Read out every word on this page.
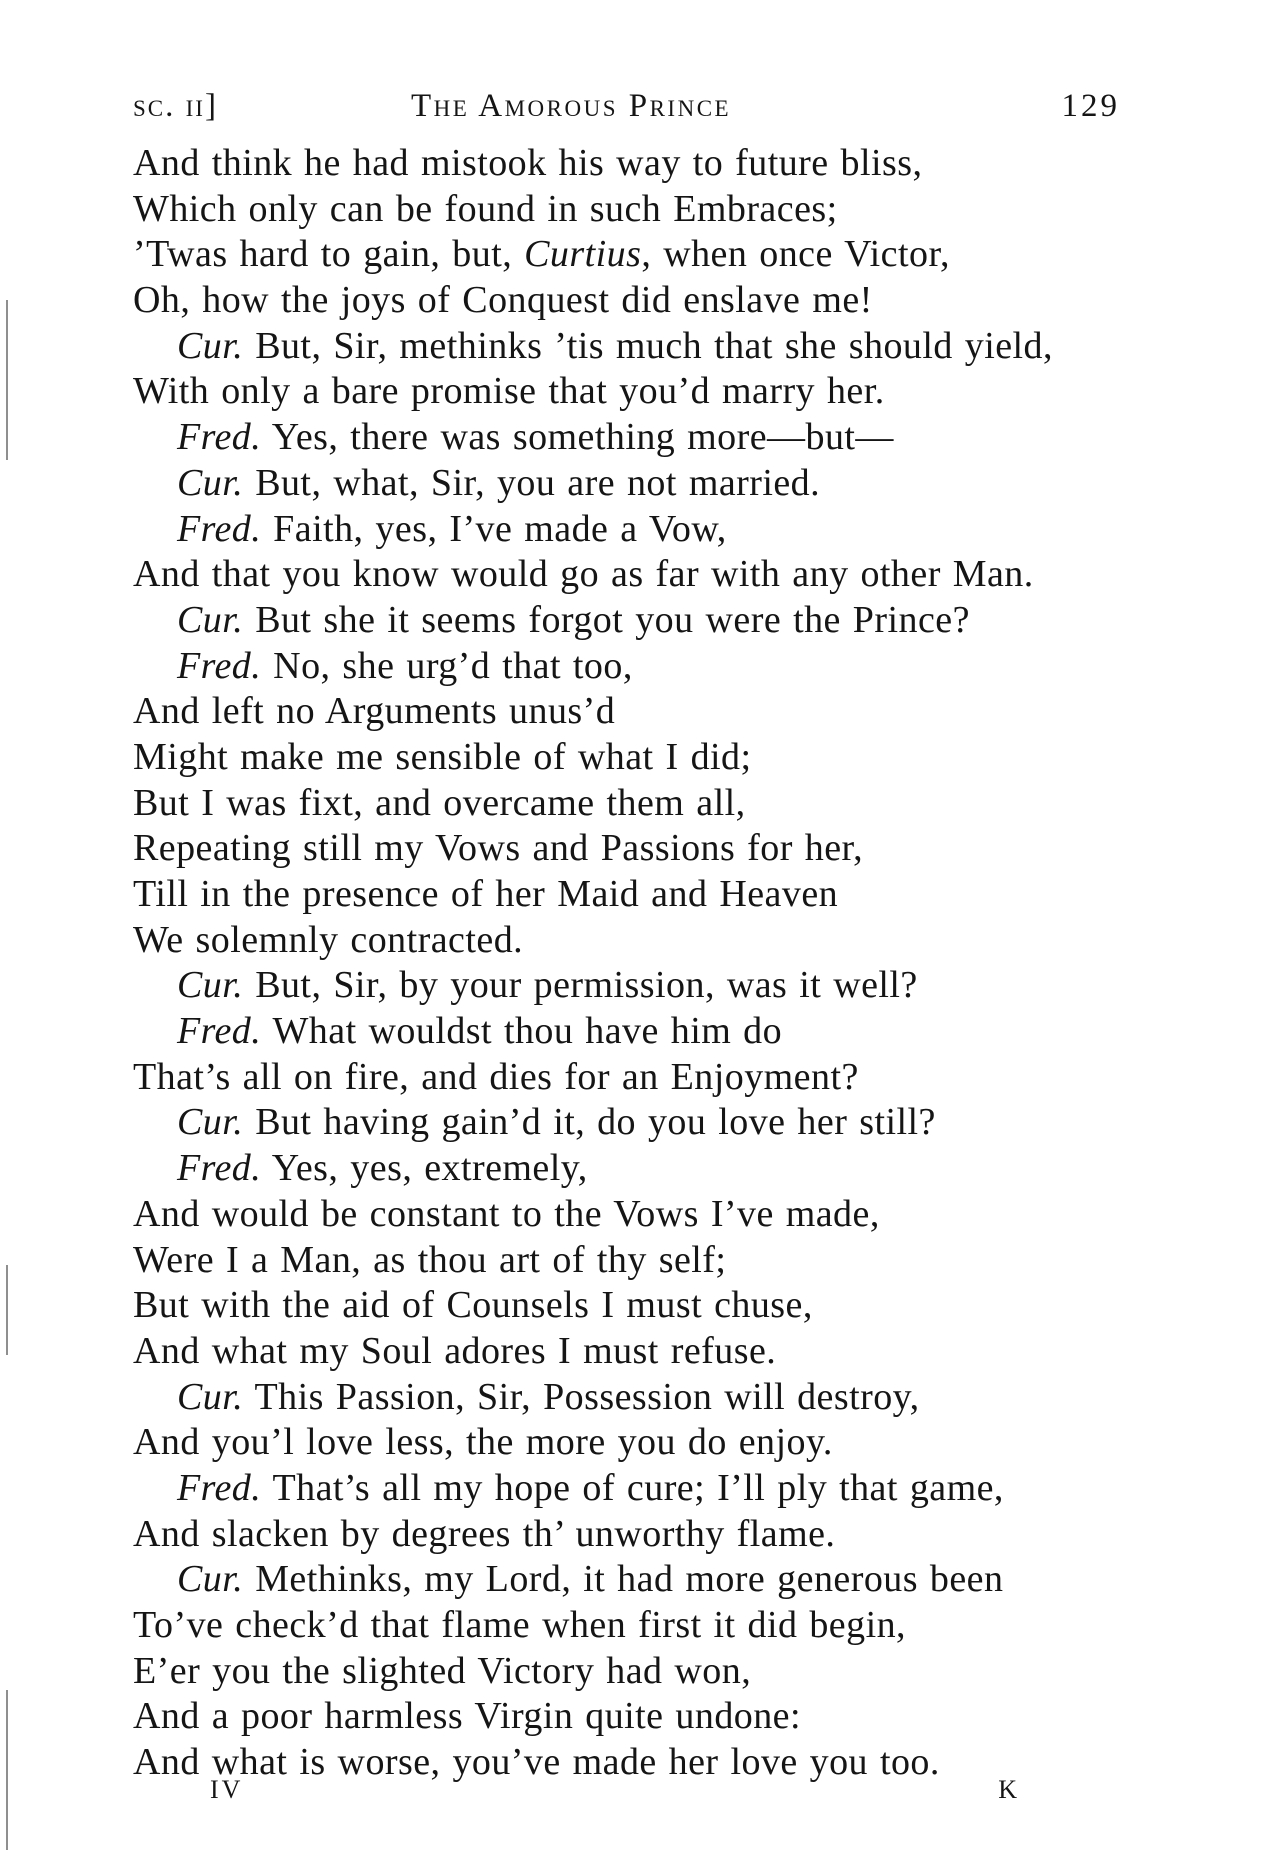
sc. ii]	The Amorous Prince	129
And think he had mistook his way to future bliss,
Which only can be found in such Embraces;
’Twas hard to gain, but, Curtius, when once Victor,
Oh, how the joys of Conquest did enslave me!
Cur. But, Sir, methinks ’tis much that she should yield,
With only a bare promise that you’d marry her.
Fred. Yes, there was something more—but—
Cur. But, what, Sir, you are not married.
Fred. Faith, yes, I’ve made a Vow,
And that you know would go as far with any other Man.
Cur. But she it seems forgot you were the Prince?
Fred. No, she urg’d that too,
And left no Arguments unus’d
Might make me sensible of what I did;
But I was fixt, and overcame them all,
Repeating still my Vows and Passions for her,
Till in the presence of her Maid and Heaven
We solemnly contracted.
Cur. But, Sir, by your permission, was it well?
Fred. What wouldst thou have him do
That’s all on fire, and dies for an Enjoyment?
Cur. But having gain’d it, do you love her still?
Fred. Yes, yes, extremely,
And would be constant to the Vows I’ve made,
Were I a Man, as thou art of thy self;
But with the aid of Counsels I must chuse,
And what my Soul adores I must refuse.
Cur. This Passion, Sir, Possession will destroy,
And you’l love less, the more you do enjoy.
Fred. That’s all my hope of cure; I’ll ply that game,
And slacken by degrees th’ unworthy flame.
Cur. Methinks, my Lord, it had more generous been
To’ve check’d that flame when first it did begin,
E’er you the slighted Victory had won,
And a poor harmless Virgin quite undone:
And what is worse, you’ve made her love you too.
IV	K
